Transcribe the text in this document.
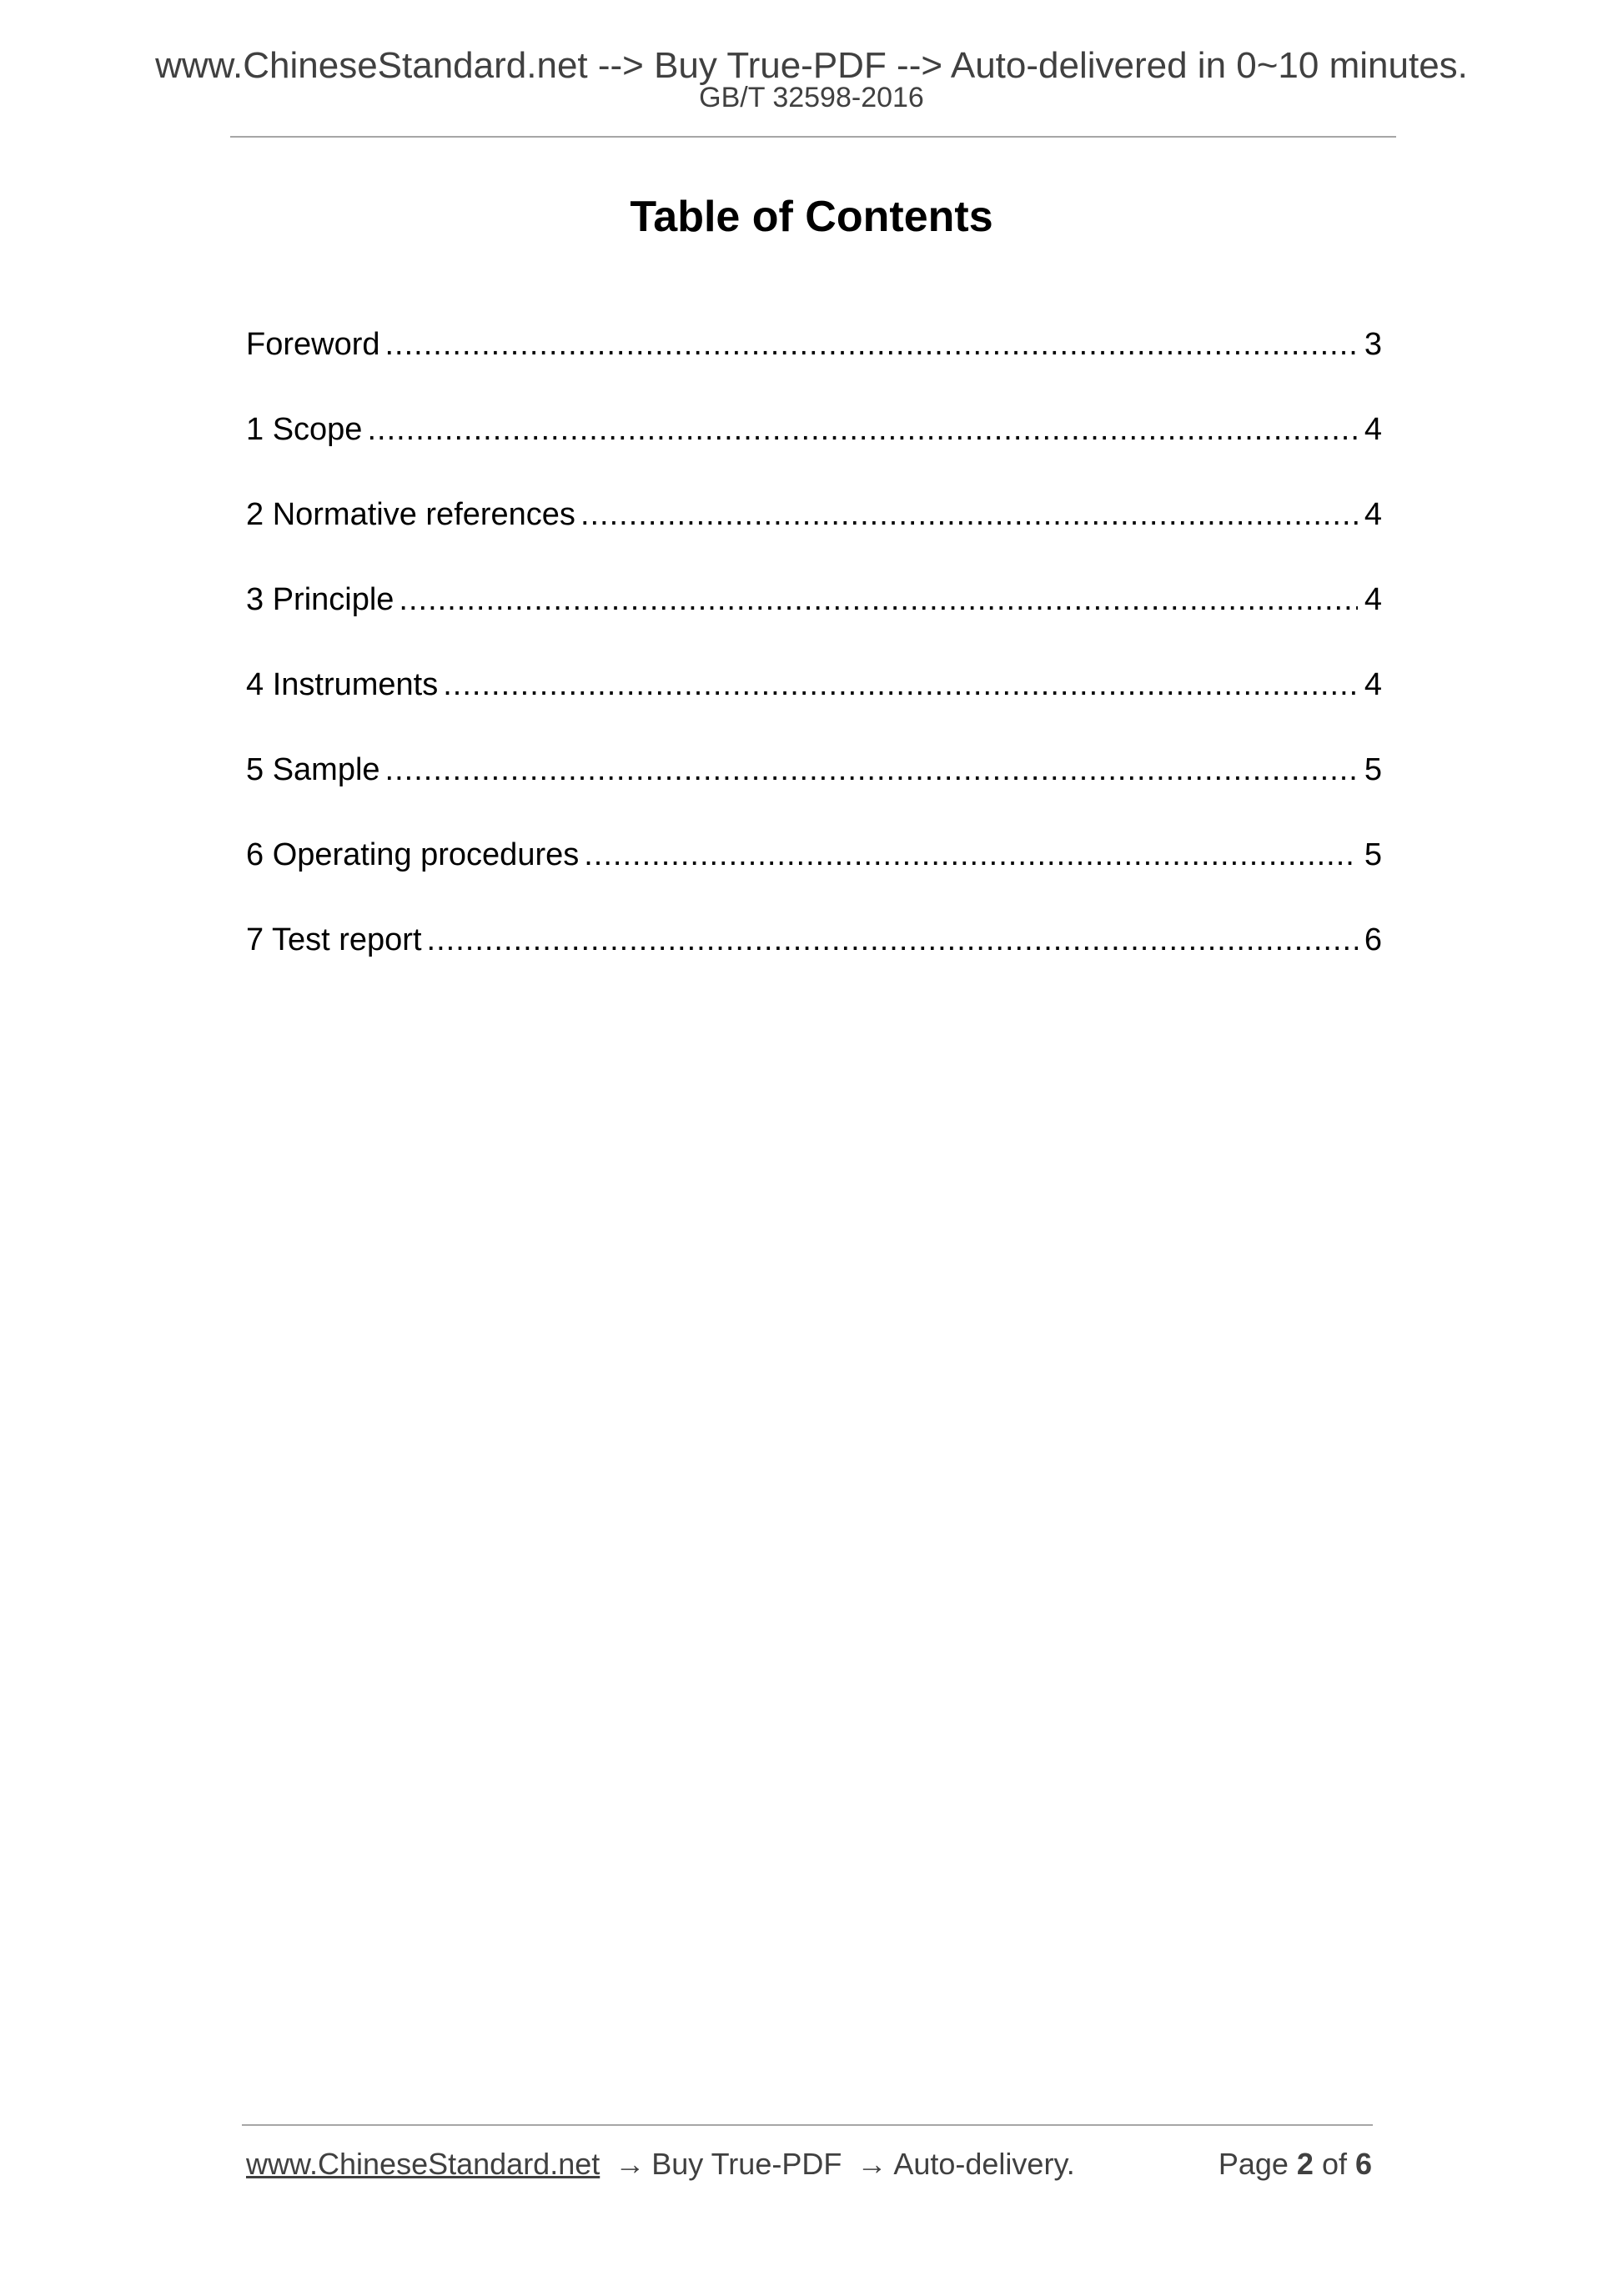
www.ChineseStandard.net --> Buy True-PDF --> Auto-delivered in 0~10 minutes.
GB/T 32598-2016
Table of Contents
Foreword .....	3
1 Scope .....	4
2 Normative references .....	4
3 Principle .....	4
4 Instruments .....	4
5 Sample .....	5
6 Operating procedures .....	5
7 Test report .....	6
www.ChineseStandard.net → Buy True-PDF → Auto-delivery.	Page 2 of 6
